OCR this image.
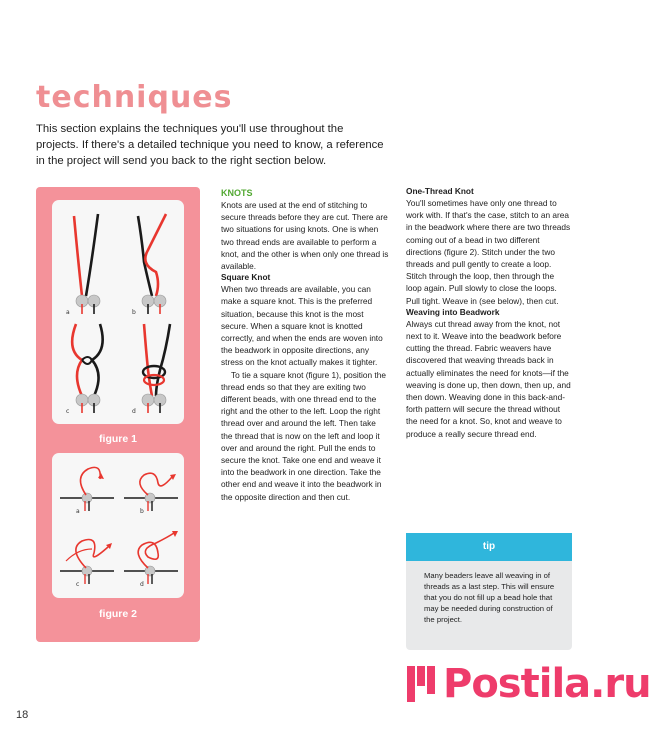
techniques

This section explains the techniques you'll use throughout the projects. If there's a detailed technique you need to know, a reference in the project will send you back to the right section below.

a	b
c	d
figure 1
a	b
c	d
figure 2

KNOTS

Knots are used at the end of stitching to secure threads before they are cut. There are two situations for using knots. One is when two thread ends are available to perform a knot, and the other is when only one thread is available.

Square Knot

When two threads are available, you can make a square knot. This is the preferred situation, because this knot is the most secure. When a square knot is knotted correctly, and when the ends are woven into the beadwork in opposite directions, any stress on the knot actually makes it tighter.

To tie a square knot (figure 1), position the thread ends so that they are exiting two different beads, with one thread end to the right and the other to the left. Loop the right thread over and around the left. Then take the thread that is now on the left and loop it over and around the right. Pull the ends to secure the knot. Take one end and weave it into the beadwork in one direction. Take the other end and weave it into the beadwork in the opposite direction and then cut.

One-Thread Knot

You'll sometimes have only one thread to work with. If that's the case, stitch to an area in the beadwork where there are two threads coming out of a bead in two different directions (figure 2). Stitch under the two threads and pull gently to create a loop. Stitch through the loop, then through the loop again. Pull slowly to close the loops. Pull tight. Weave in (see below), then cut.

Weaving into Beadwork

Always cut thread away from the knot, not next to it. Weave into the beadwork before cutting the thread. Fabric weavers have discovered that weaving threads back in actually eliminates the need for knots—if the weaving is done up, then down, then up, and then down. Weaving done in this back-and-forth pattern will secure the thread without the need for a knot. So, knot and weave to produce a really secure thread end.

tip
Many beaders leave all weaving in of threads as a last step. This will ensure that you do not fill up a bead hole that may be needed during construction of the project.
18
Postila.ru
